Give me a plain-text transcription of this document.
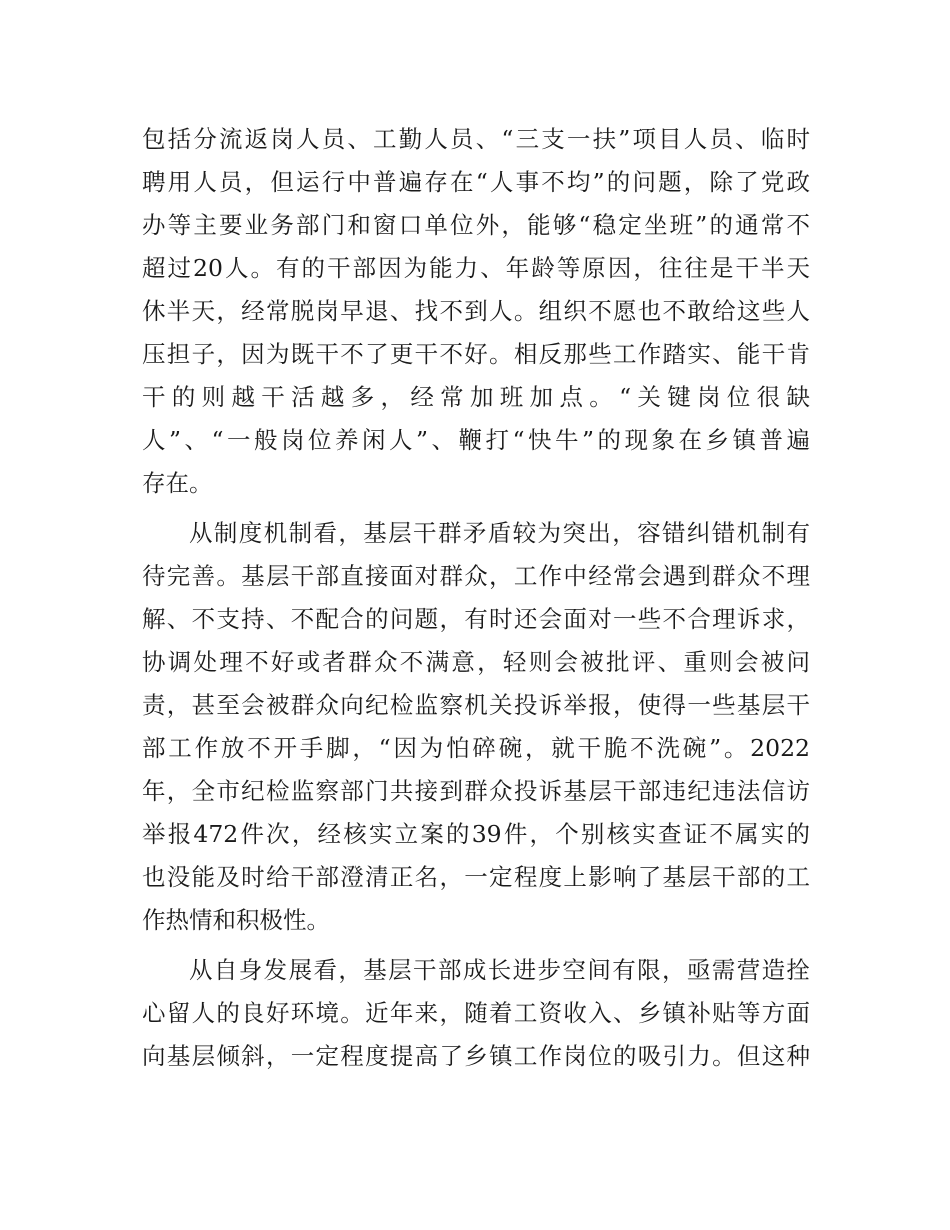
包括分流返岗人员、工勤人员、“三支一扶”项目人员、临时
聘用人员，但运行中普遍存在“人事不均”的问题，除了党政
办等主要业务部门和窗口单位外，能够“稳定坐班”的通常不
超过20人。有的干部因为能力、年龄等原因，往往是干半天
休半天，经常脱岗早退、找不到人。组织不愿也不敢给这些人
压担子，因为既干不了更干不好。相反那些工作踏实、能干肯
干的则越干活越多，经常加班加点。“关键岗位很缺
人”、“一般岗位养闲人”、鞭打“快牛”的现象在乡镇普遍
存在。
从制度机制看，基层干群矛盾较为突出，容错纠错机制有
待完善。基层干部直接面对群众，工作中经常会遇到群众不理
解、不支持、不配合的问题，有时还会面对一些不合理诉求，
协调处理不好或者群众不满意，轻则会被批评、重则会被问
责，甚至会被群众向纪检监察机关投诉举报，使得一些基层干
部工作放不开手脚，“因为怕碎碗，就干脆不洗碗”。2022
年，全市纪检监察部门共接到群众投诉基层干部违纪违法信访
举报472件次，经核实立案的39件，个别核实查证不属实的
也没能及时给干部澄清正名，一定程度上影响了基层干部的工
作热情和积极性。
从自身发展看，基层干部成长进步空间有限，亟需营造拴
心留人的良好环境。近年来，随着工资收入、乡镇补贴等方面
向基层倾斜，一定程度提高了乡镇工作岗位的吸引力。但这种
